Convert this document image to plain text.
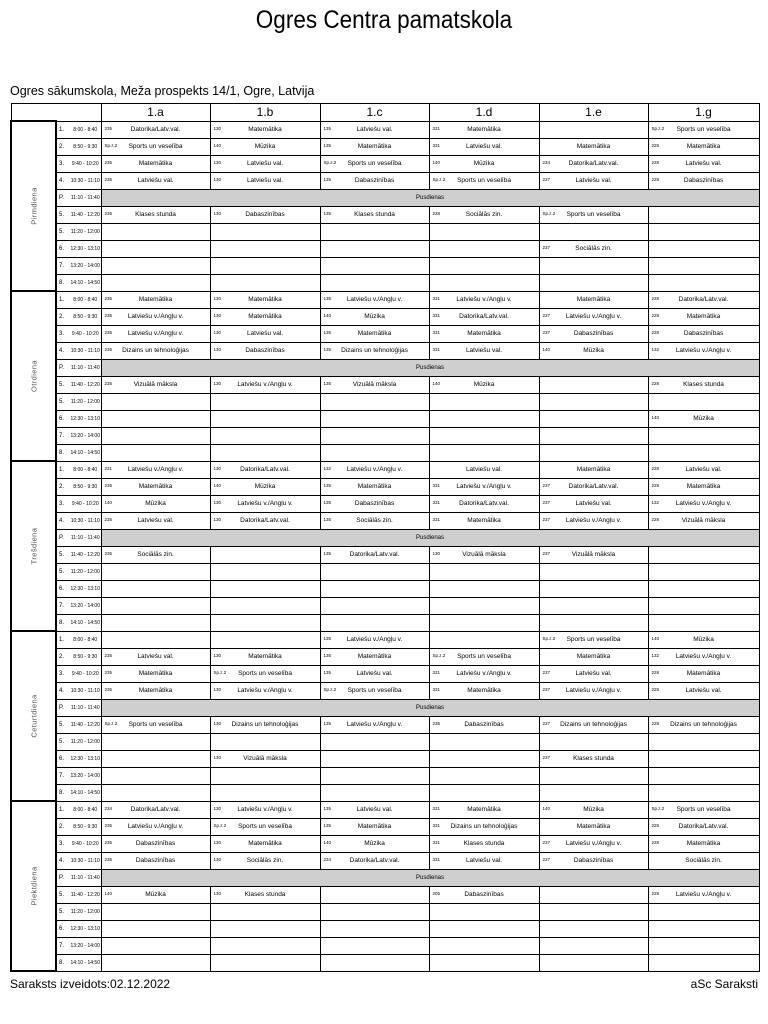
Ogres Centra pamatskola
Ogres sākumskola, Meža prospekts 14/1, Ogre, Latvija
			1.a	1.b	1.c	1.d	1.e	1.g

Pirmdiena	1.	8:00 - 8:40	235 Datorika/Latv.val.	130 Matemātika	135 Latviešu val.	331 Matemātika		Sp.z.2 Sports un veselība

	2.	8:50 - 9:30	Sp.z.2 Sports un veselība	140 Mūzika	135 Matemātika	331 Latviešu val.	Matemātika	228 Matemātika

	3.	9:40 - 10:20	235 Matemātika	130 Latviešu val.	Sp.z.2 Sports un veselība	140 Mūzika	234 Datorika/Latv.val.	228 Latviešu val.

	4.	10:30 - 11:10	235 Latviešu val.	130 Latviešu val.	135 Dabaszinības	Sp.z.2 Sports un veselība	237 Latviešu val.	228 Dabaszinības

	P.	11:10 - 11:40	Pusdienas					
	5.	11:40 - 12:20	235 Klases stunda	130 Dabaszinības	135 Klases stunda	228 Sociālās zin.	Sp.z.2 Sports un veselība	

	5.	11:20 - 12:00	

	6.	12:30 - 13:10					237 Sociālās zin.	

	7.	13:20 - 14:00	

	8.	14:10 - 14:50	

Otrdiena	1.	8:00 - 8:40	235 Matemātika	130 Matemātika	135 Latviešu v./Angļu v.	331 Latviešu v./Angļu v.	Matemātika	228 Datorika/Latv.val.

	2.	8:50 - 9:30	235 Latviešu v./Angļu v.	130 Matemātika	140 Mūzika	331 Datorika/Latv.val.	237 Latviešu v./Angļu v.	228 Matemātika

	3.	9:40 - 10:20	235 Latviešu v./Angļu v.	130 Latviešu val.	135 Matemātika	331 Matemātika	237 Dabaszinības	228 Dabaszinības

	4.	10:30 - 11:10	235 Dizains un tehnoloģijas	130 Dabaszinības	135 Dizains un tehnoloģijas	331 Latviešu val.	140 Mūzika	132 Latviešu v./Angļu v.

	P.	11:10 - 11:40	Pusdienas					
	5.	11:40 - 12:20	235 Vizuālā māksla	130 Latviešu v./Angļu v.	135 Vizuālā māksla	140 Mūzika		228 Klases stunda

	5.	11:20 - 12:00	

	6.	12:30 - 13:10						140 Mūzika

	7.	13:20 - 14:00	

	8.	14:10 - 14:50	

Trešdiena	1.	8:00 - 8:40	231 Latviešu v./Angļu v.	130 Datorika/Latv.val.	132 Latviešu v./Angļu v.	Latviešu val.	Matemātika	228 Latviešu val.

	2.	8:50 - 9:30	235 Matemātika	140 Mūzika	135 Matemātika	331 Latviešu v./Angļu v.	237 Datorika/Latv.val.	228 Matemātika

	3.	9:40 - 10:20	140 Mūzika	130 Latviešu v./Angļu v.	135 Dabaszinības	331 Datorika/Latv.val.	237 Latviešu val.	132 Latviešu v./Angļu v.

	4.	10:30 - 11:10	235 Latviešu val.	130 Datorika/Latv.val.	135 Sociālās zin.	331 Matemātika	237 Latviešu v./Angļu v.	228 Vizuālā māksla

	P.	11:10 - 11:40	Pusdienas					
	5.	11:40 - 12:20	235 Sociālās zin.		135 Datorika/Latv.val.	130 Vizuālā māksla	237 Vizuālā māksla	

	5.	11:20 - 12:00	

	6.	12:30 - 13:10	

	7.	13:20 - 14:00	

	8.	14:10 - 14:50	

Ceturtdiena	1.	8:00 - 8:40			135 Latviešu v./Angļu v.		Sp.z.2 Sports un veselība	140 Mūzika

	2.	8:50 - 9:30	235 Latviešu val.	130 Matemātika	135 Matemātika	Sp.z.2 Sports un veselība	Matemātika	132 Latviešu v./Angļu v.

	3.	9:40 - 10:20	235 Matemātika	Sp.z.2 Sports un veselība	135 Latviešu val.	331 Latviešu v./Angļu v.	237 Latviešu val.	228 Matemātika

	4.	10:30 - 11:10	235 Matemātika	130 Latviešu v./Angļu v.	Sp.z.2 Sports un veselība	331 Matemātika	237 Latviešu v./Angļu v.	228 Latviešu val.

	P.	11:10 - 11:40	Pusdienas					
	5.	11:40 - 12:20	Sp.z.2 Sports un veselība	130 Dizains un tehnoloģijas	135 Latviešu v./Angļu v.	235 Dabaszinības	237 Dizains un tehnoloģijas	228 Dizains un tehnoloģijas

	5.	11:20 - 12:00	

	6.	12:30 - 13:10		130 Vizuālā māksla			237 Klases stunda	

	7.	13:20 - 14:00	

	8.	14:10 - 14:50	

Piektdiena	1.	8:00 - 8:40	234 Datorika/Latv.val.	130 Latviešu v./Angļu v.	135 Latviešu val.	331 Matemātika	140 Mūzika	Sp.z.2 Sports un veselība

	2.	8:50 - 9:30	235 Latviešu v./Angļu v.	Sp.z.2 Sports un veselība	135 Matemātika	331 Dizains un tehnoloģijas	Matemātika	228 Datorika/Latv.val.

	3.	9:40 - 10:20	235 Dabaszinības	130 Matemātika	140 Mūzika	331 Klases stunda	237 Latviešu v./Angļu v.	228 Matemātika

	4.	10:30 - 11:10	235 Dabaszinības	130 Sociālās zin.	234 Datorika/Latv.val.	331 Latviešu val.	237 Dabaszinības	Sociālās zin.

	P.	11:10 - 11:40	Pusdienas					
	5.	11:40 - 12:20	140 Mūzika	130 Klases stunda		205 Dabaszinības		228 Latviešu v./Angļu v.

	5.	11:20 - 12:00	

	6.	12:30 - 13:10	

	7.	13:20 - 14:00	

	8.	14:10 - 14:50	

Saraksts izveidots:02.12.2022	aSc Saraksti
